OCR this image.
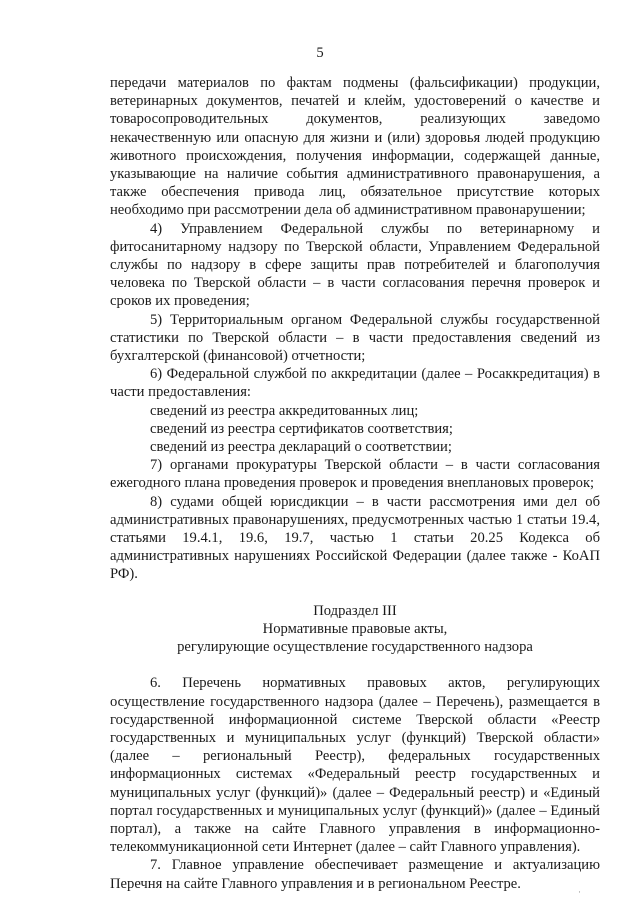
5

передачи материалов по фактам подмены (фальсификации) продукции, ветеринарных документов, печатей и клейм, удостоверений о качестве и товаросопроводительных документов, реализующих заведомо некачественную или опасную для жизни и (или) здоровья людей продукцию животного происхождения, получения информации, содержащей данные, указывающие на наличие события административного правонарушения, а также обеспечения привода лиц, обязательное присутствие которых необходимо при рассмотрении дела об административном правонарушении;

4) Управлением Федеральной службы по ветеринарному и фитосанитарному надзору по Тверской области, Управлением Федеральной службы по надзору в сфере защиты прав потребителей и благополучия человека по Тверской области – в части согласования перечня проверок и сроков их проведения;

5) Территориальным органом Федеральной службы государственной статистики по Тверской области – в части предоставления сведений из бухгалтерской (финансовой) отчетности;

6) Федеральной службой по аккредитации (далее – Росаккредитация) в части предоставления:

сведений из реестра аккредитованных лиц;

сведений из реестра сертификатов соответствия;

сведений из реестра деклараций о соответствии;

7) органами прокуратуры Тверской области – в части согласования ежегодного плана проведения проверок и проведения внеплановых проверок;

8) судами общей юрисдикции – в части рассмотрения ими дел об административных правонарушениях, предусмотренных частью 1 статьи 19.4, статьями 19.4.1, 19.6, 19.7, частью 1 статьи 20.25 Кодекса об административных нарушениях Российской Федерации (далее также - КоАП РФ).

Подраздел III

Нормативные правовые акты,

регулирующие осуществление государственного надзора

6. Перечень нормативных правовых актов, регулирующих осуществление государственного надзора (далее – Перечень), размещается в государственной информационной системе Тверской области «Реестр государственных и муниципальных услуг (функций) Тверской области» (далее – региональный Реестр), федеральных государственных информационных системах «Федеральный реестр государственных и муниципальных услуг (функций)» (далее – Федеральный реестр) и «Единый портал государственных и муниципальных услуг (функций)» (далее – Единый портал), а также на сайте Главного управления в информационно-телекоммуникационной сети Интернет (далее – сайт Главного управления).

7. Главное управление обеспечивает размещение и актуализацию Перечня на сайте Главного управления и в региональном Реестре.

·
